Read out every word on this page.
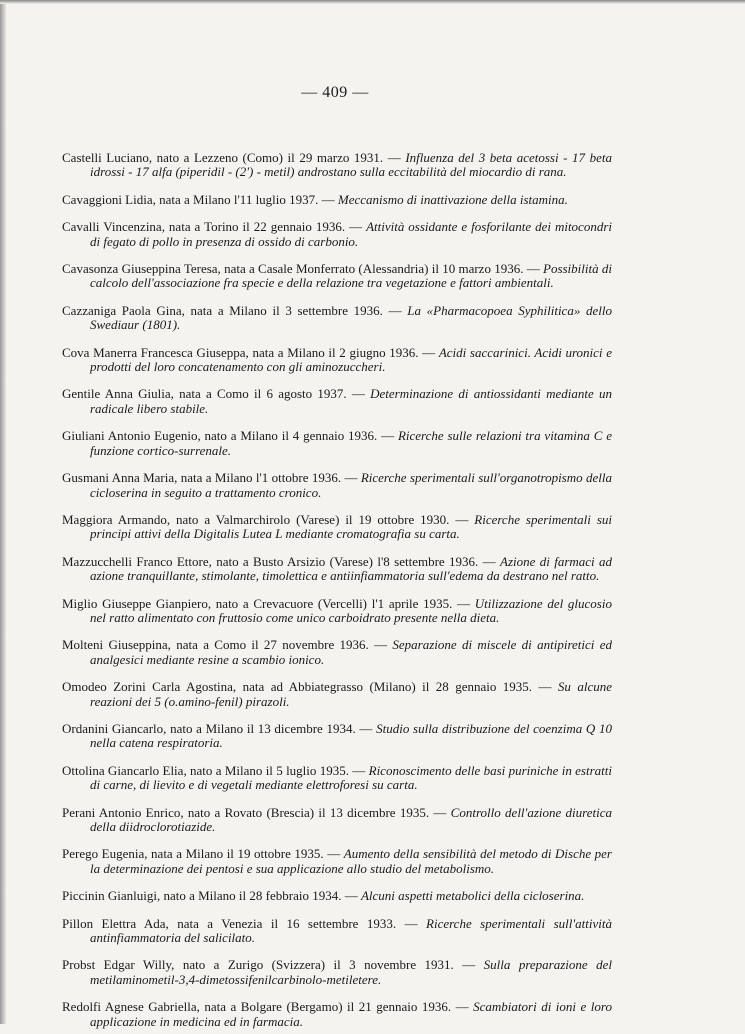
— 409 —

Castelli Luciano, nato a Lezzeno (Como) il 29 marzo 1931. — Influenza del 3 beta acetossi - 17 beta idrossi - 17 alfa (piperidil - (2') - metil) androstano sulla eccitabilità del miocardio di rana.

Cavaggioni Lidia, nata a Milano l'11 luglio 1937. — Meccanismo di inattivazione della istamina.

Cavalli Vincenzina, nata a Torino il 22 gennaio 1936. — Attività ossidante e fosforilante dei mitocondri di fegato di pollo in presenza di ossido di carbonio.

Cavasonza Giuseppina Teresa, nata a Casale Monferrato (Alessandria) il 10 marzo 1936. — Possibilità di calcolo dell'associazione fra specie e della relazione tra vegetazione e fattori ambientali.

Cazzaniga Paola Gina, nata a Milano il 3 settembre 1936. — La «Pharmacopoea Syphilitica» dello Swediaur (1801).

Cova Manerra Francesca Giuseppa, nata a Milano il 2 giugno 1936. — Acidi saccarinici. Acidi uronici e prodotti del loro concatenamento con gli aminozuccheri.

Gentile Anna Giulia, nata a Como il 6 agosto 1937. — Determinazione di antiossidanti mediante un radicale libero stabile.

Giuliani Antonio Eugenio, nato a Milano il 4 gennaio 1936. — Ricerche sulle relazioni tra vitamina C e funzione cortico-surrenale.

Gusmani Anna Maria, nata a Milano l'1 ottobre 1936. — Ricerche sperimentali sull'organotropismo della cicloserina in seguito a trattamento cronico.

Maggiora Armando, nato a Valmarchirolo (Varese) il 19 ottobre 1930. — Ricerche sperimentali sui principi attivi della Digitalis Lutea L mediante cromatografia su carta.

Mazzucchelli Franco Ettore, nato a Busto Arsizio (Varese) l'8 settembre 1936. — Azione di farmaci ad azione tranquillante, stimolante, timolettica e antiinfiammatoria sull'edema da destrano nel ratto.

Miglio Giuseppe Gianpiero, nato a Crevacuore (Vercelli) l'1 aprile 1935. — Utilizzazione del glucosio nel ratto alimentato con fruttosio come unico carboidrato presente nella dieta.

Molteni Giuseppina, nata a Como il 27 novembre 1936. — Separazione di miscele di antipiretici ed analgesici mediante resine a scambio ionico.

Omodeo Zorini Carla Agostina, nata ad Abbiategrasso (Milano) il 28 gennaio 1935. — Su alcune reazioni dei 5 (o.amino-fenil) pirazoli.

Ordanini Giancarlo, nato a Milano il 13 dicembre 1934. — Studio sulla distribuzione del coenzima Q 10 nella catena respiratoria.

Ottolina Giancarlo Elia, nato a Milano il 5 luglio 1935. — Riconoscimento delle basi puriniche in estratti di carne, di lievito e di vegetali mediante elettroforesi su carta.

Perani Antonio Enrico, nato a Rovato (Brescia) il 13 dicembre 1935. — Controllo dell'azione diuretica della diidroclorotiazide.

Perego Eugenia, nata a Milano il 19 ottobre 1935. — Aumento della sensibilità del metodo di Dische per la determinazione dei pentosi e sua applicazione allo studio del metabolismo.

Piccinin Gianluigi, nato a Milano il 28 febbraio 1934. — Alcuni aspetti metabolici della cicloserina.

Pillon Elettra Ada, nata a Venezia il 16 settembre 1933. — Ricerche sperimentali sull'attività antinfiammatoria del salicilato.

Probst Edgar Willy, nato a Zurigo (Svizzera) il 3 novembre 1931. — Sulla preparazione del metilaminometil-3,4-dimetossifenilcarbinolo-metiletere.

Redolfi Agnese Gabriella, nata a Bolgare (Bergamo) il 21 gennaio 1936. — Scambiatori di ioni e loro applicazione in medicina ed in farmacia.
